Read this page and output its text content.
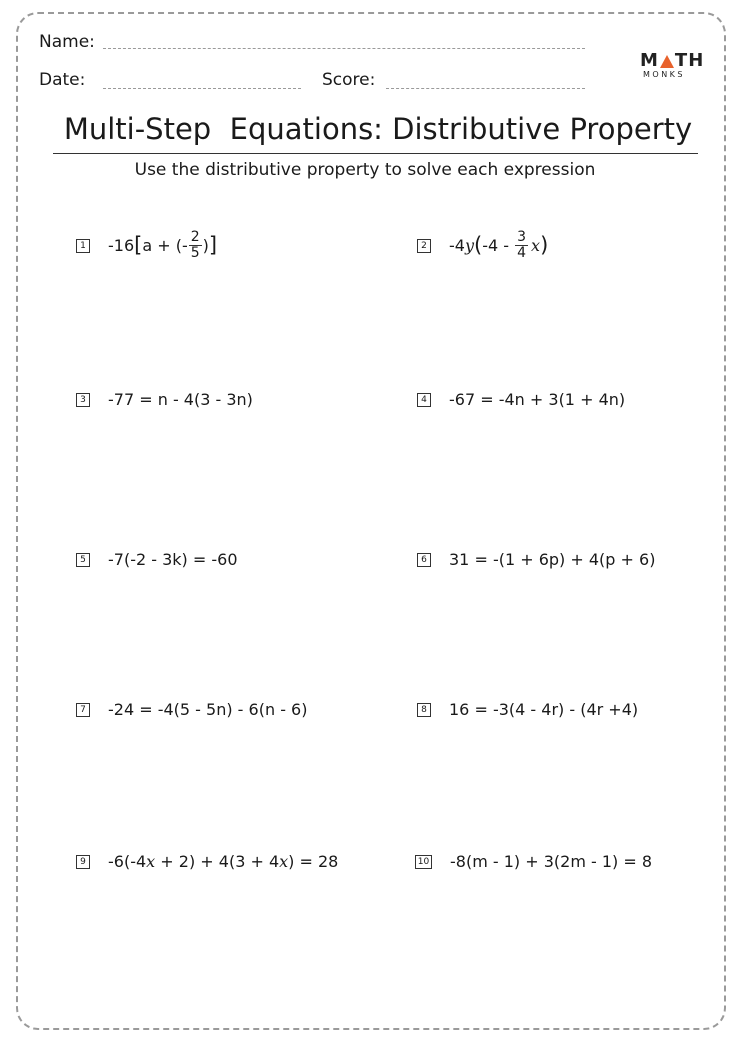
Name:
Date:	Score:
M TH
MONKS
Multi-Step  Equations: Distributive Property
Use the distributive property to solve each expression
1 -16 [ a + (- $\frac{2}{5}$ ) ]	2 -4 y ( $-4 - \frac{3}{4}$ x )
3 -77 = n - 4(3 - 3n)	4 -67 = -4n + 3(1 + 4n)
5 -7(-2 - 3k) = -60	6 31 = -(1 + 6p) + 4(p + 6)
7 -24 = -4(5 - 5n) - 6(n - 6)	8 16 = -3(4 - 4r) - (4r +4)
9 -6(-4 x + 2) + 4(3 + 4 x ) = 28	10 -8(m - 1) + 3(2m - 1) = 8
